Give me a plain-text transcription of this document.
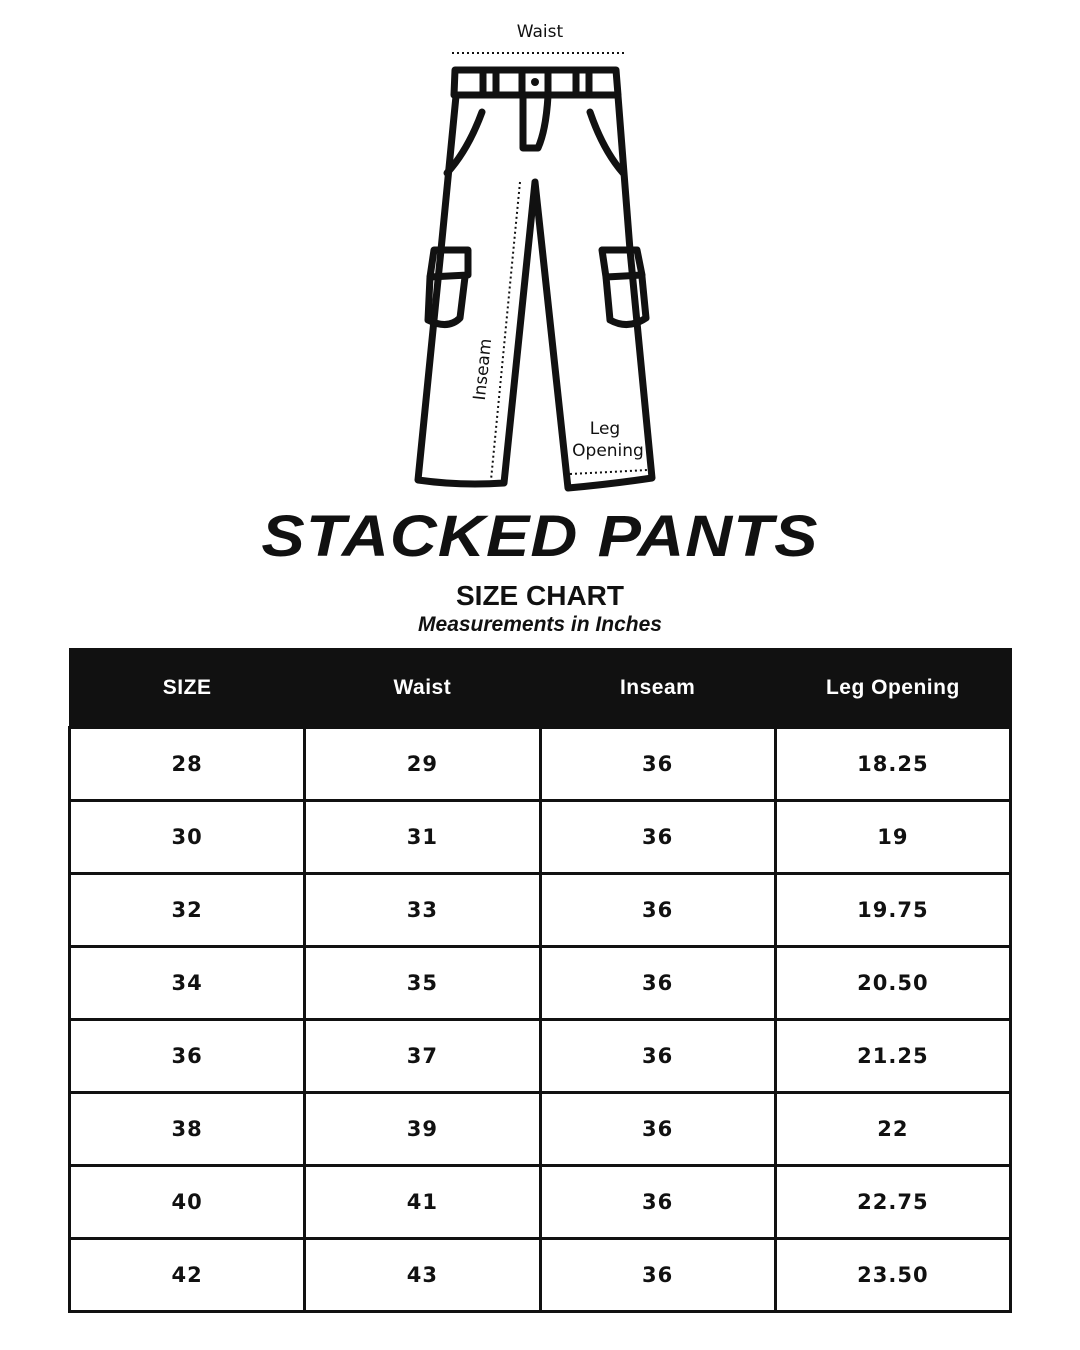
Waist
Inseam
Leg
Opening
STACKED PANTS
SIZE CHART
Measurements in Inches
SIZE	Waist	Inseam	Leg Opening
28	29	36	18.25
30	31	36	19
32	33	36	19.75
34	35	36	20.50
36	37	36	21.25
38	39	36	22
40	41	36	22.75
42	43	36	23.50
